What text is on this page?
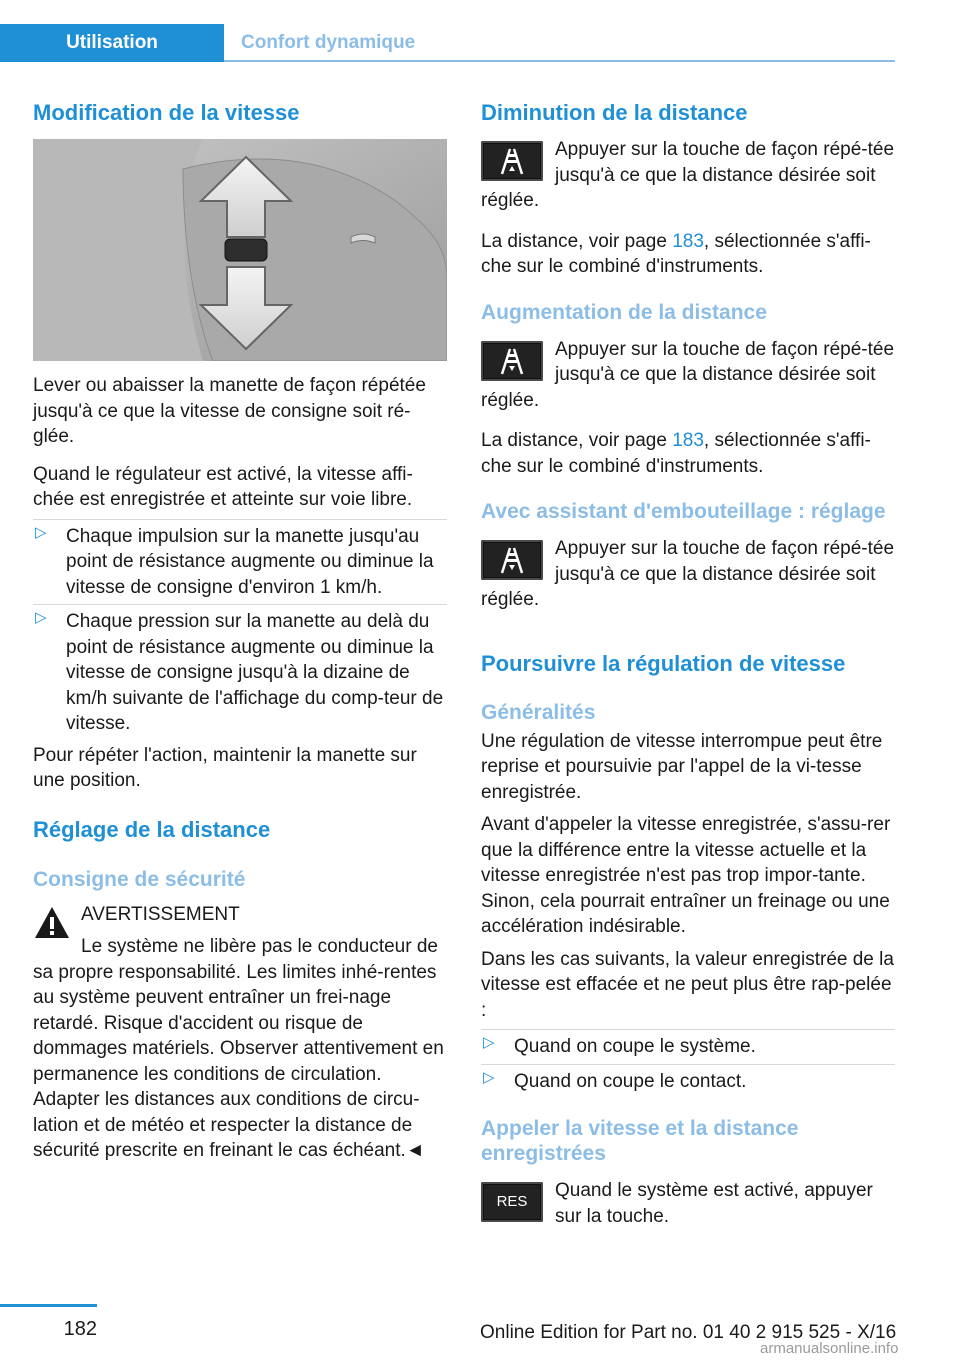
Utilisation	Confort dynamique
Modification de la vitesse

Lever ou abaisser la manette de façon répétée jusqu'à ce que la vitesse de consigne soit ré‐glée.

Quand le régulateur est activé, la vitesse affi‐chée est enregistrée et atteinte sur voie libre.

▷ Chaque impulsion sur la manette jusqu'au point de résistance augmente ou diminue la vitesse de consigne d'environ 1 km/h.
▷ Chaque pression sur la manette au delà du point de résistance augmente ou diminue la vitesse de consigne jusqu'à la dizaine de km/h suivante de l'affichage du comp‐teur de vitesse.

Pour répéter l'action, maintenir la manette sur une position.

Réglage de la distance
Consigne de sécurité

AVERTISSEMENT

Le système ne libère pas le conducteur de sa propre responsabilité. Les limites inhé‐rentes au système peuvent entraîner un frei‐nage retardé. Risque d'accident ou risque de dommages matériels. Observer attentivement en permanence les conditions de circulation. Adapter les distances aux conditions de circu‐lation et de météo et respecter la distance de sécurité prescrite en freinant le cas échéant.◄

Diminution de la distance

Appuyer sur la touche de façon répé‐tée jusqu'à ce que la distance désirée soit réglée.

La distance, voir page 183, sélectionnée s'affi‐che sur le combiné d'instruments.

Augmentation de la distance

Appuyer sur la touche de façon répé‐tée jusqu'à ce que la distance désirée soit réglée.

La distance, voir page 183, sélectionnée s'affi‐che sur le combiné d'instruments.

Avec assistant d'embouteillage : réglage

Appuyer sur la touche de façon répé‐tée jusqu'à ce que la distance désirée soit réglée.

Poursuivre la régulation de vitesse
Généralités

Une régulation de vitesse interrompue peut être reprise et poursuivie par l'appel de la vi‐tesse enregistrée.

Avant d'appeler la vitesse enregistrée, s'assu‐rer que la différence entre la vitesse actuelle et la vitesse enregistrée n'est pas trop impor‐tante. Sinon, cela pourrait entraîner un freinage ou une accélération indésirable.

Dans les cas suivants, la valeur enregistrée de la vitesse est effacée et ne peut plus être rap‐pelée :

▷ Quand on coupe le système.
▷ Quand on coupe le contact.
Appeler la vitesse et la distance enregistrées
RES

Quand le système est activé, appuyer sur la touche.

182	Online Edition for Part no. 01 40 2 915 525 - X/16
armanualsonline.info
